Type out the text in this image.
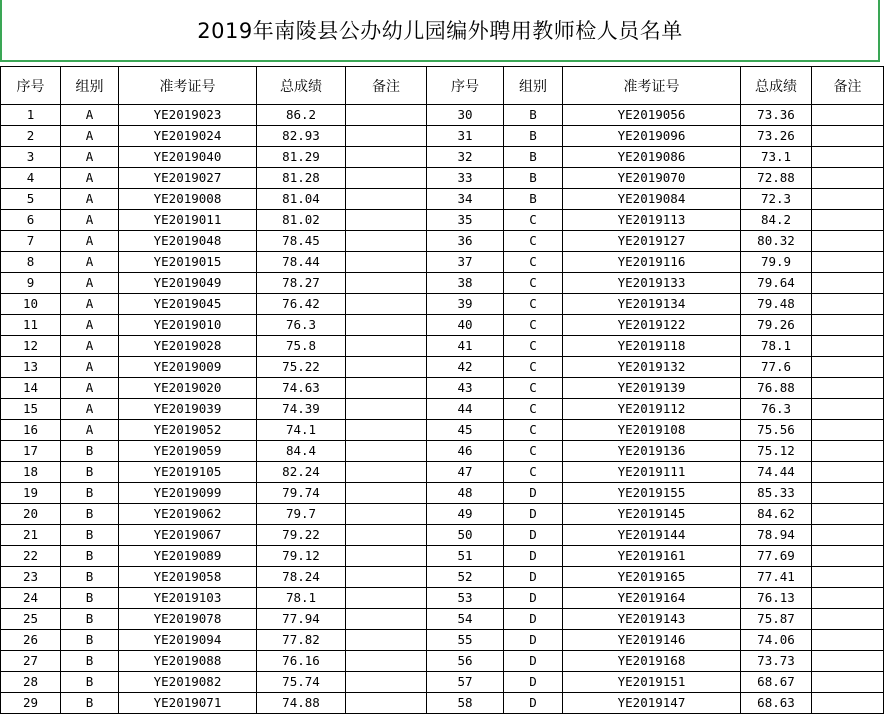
2019年南陵县公办幼儿园编外聘用教师检人员名单
序号	组别	准考证号	总成绩	备注	序号	组别	准考证号	总成绩	备注
1	A	YE2019023	86.2		30	B	YE2019056	73.36	
2	A	YE2019024	82.93		31	B	YE2019096	73.26	
3	A	YE2019040	81.29		32	B	YE2019086	73.1	
4	A	YE2019027	81.28		33	B	YE2019070	72.88	
5	A	YE2019008	81.04		34	B	YE2019084	72.3	
6	A	YE2019011	81.02		35	C	YE2019113	84.2	
7	A	YE2019048	78.45		36	C	YE2019127	80.32	
8	A	YE2019015	78.44		37	C	YE2019116	79.9	
9	A	YE2019049	78.27		38	C	YE2019133	79.64	
10	A	YE2019045	76.42		39	C	YE2019134	79.48	
11	A	YE2019010	76.3		40	C	YE2019122	79.26	
12	A	YE2019028	75.8		41	C	YE2019118	78.1	
13	A	YE2019009	75.22		42	C	YE2019132	77.6	
14	A	YE2019020	74.63		43	C	YE2019139	76.88	
15	A	YE2019039	74.39		44	C	YE2019112	76.3	
16	A	YE2019052	74.1		45	C	YE2019108	75.56	
17	B	YE2019059	84.4		46	C	YE2019136	75.12	
18	B	YE2019105	82.24		47	C	YE2019111	74.44	
19	B	YE2019099	79.74		48	D	YE2019155	85.33	
20	B	YE2019062	79.7		49	D	YE2019145	84.62	
21	B	YE2019067	79.22		50	D	YE2019144	78.94	
22	B	YE2019089	79.12		51	D	YE2019161	77.69	
23	B	YE2019058	78.24		52	D	YE2019165	77.41	
24	B	YE2019103	78.1		53	D	YE2019164	76.13	
25	B	YE2019078	77.94		54	D	YE2019143	75.87	
26	B	YE2019094	77.82		55	D	YE2019146	74.06	
27	B	YE2019088	76.16		56	D	YE2019168	73.73	
28	B	YE2019082	75.74		57	D	YE2019151	68.67	
29	B	YE2019071	74.88		58	D	YE2019147	68.63	
